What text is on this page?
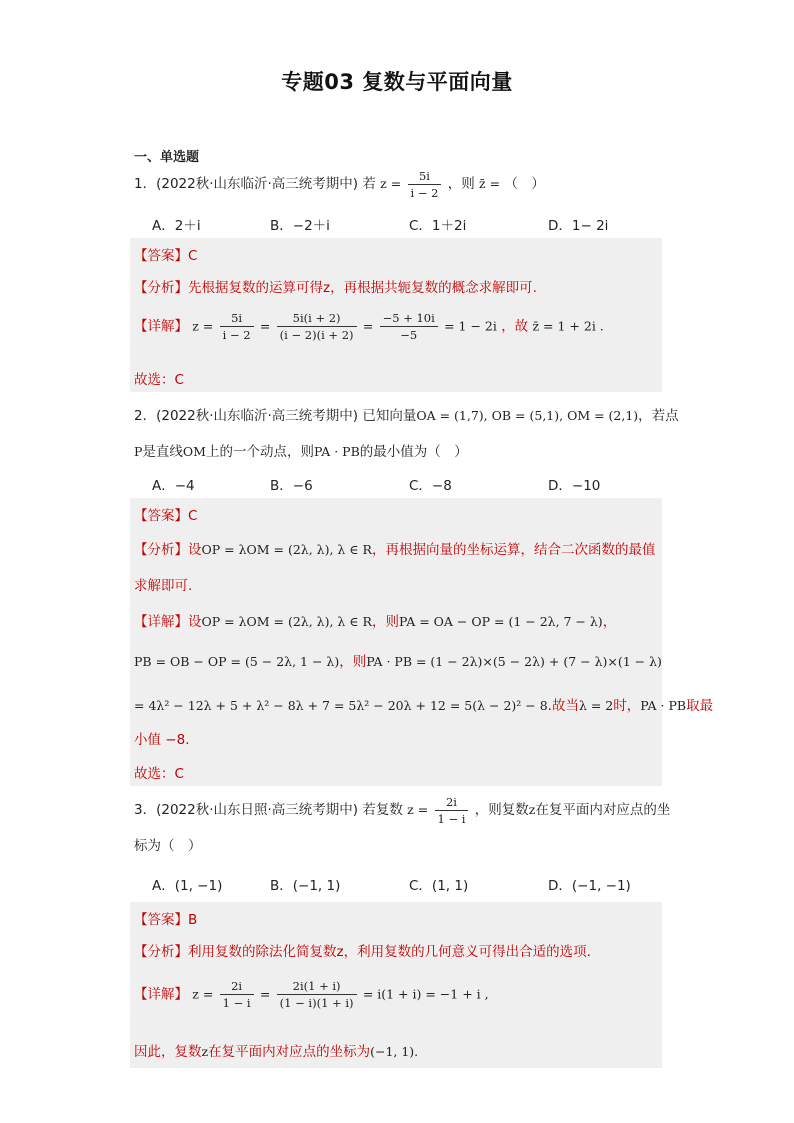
专题03 复数与平面向量
一、单选题
1．(2022秋·山东临沂·高三统考期中) 若 $z = \frac{5i}{i - 2}$ ，则 z̄ = （　）
A．2＋i	B．−2＋i	C．1＋2i	D．1− 2i
【答案】C
【分析】先根据复数的运算可得z，再根据共轭复数的概念求解即可.
【详解】 $z = \frac{5i}{i - 2} = \frac{5i(i + 2)}{(i - 2)(i + 2)} = \frac{-5 + 10i}{-5} = 1 - 2i$ ，故 z̄ = 1 + 2i .
故选：C
2．(2022秋·山东临沂·高三统考期中) 已知向量OA = (1,7), OB = (5,1), OM = (2,1)，若点
P是直线OM上的一个动点，则PA · PB的最小值为（　）
A．−4	B．−6	C．−8	D．−10
【答案】C
【分析】设OP = λOM = (2λ, λ), λ ∈ R，再根据向量的坐标运算，结合二次函数的最值
求解即可.
【详解】设OP = λOM = (2λ, λ), λ ∈ R，则PA = OA − OP = (1 − 2λ, 7 − λ)，
PB = OB − OP = (5 − 2λ, 1 − λ)，则PA · PB = (1 − 2λ)×(5 − 2λ) + (7 − λ)×(1 − λ)
= 4λ² − 12λ + 5 + λ² − 8λ + 7 = 5λ² − 20λ + 12 = 5(λ − 2)² − 8.故当λ = 2时，PA · PB取最
小值 −8.
故选：C
3．(2022秋·山东日照·高三统考期中) 若复数 $z = \frac{2i}{1 - i}$ ，则复数z在复平面内对应点的坐
标为（　）
A．(1, −1)	B．(−1, 1)	C．(1, 1)	D．(−1, −1)
【答案】B
【分析】利用复数的除法化简复数z，利用复数的几何意义可得出合适的选项.
【详解】 $z = \frac{2i}{1 - i} = \frac{2i(1 + i)}{(1 - i)(1 + i)} = i(1 + i) = -1 + i$ ,
因此，复数z在复平面内对应点的坐标为(−1, 1).
